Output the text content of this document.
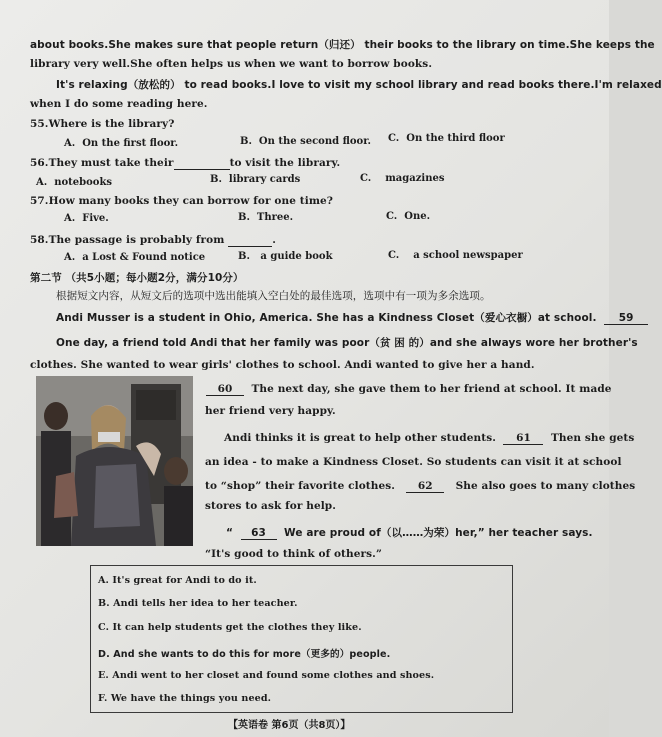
about books.She makes sure that people return（归还） their books to the library on time.She keeps the
library very well.She often helps us when we want to borrow books.
It's relaxing（放松的） to read books.I love to visit my school library and read books there.I'm relaxed
when I do some reading here.
55.Where is the library?
A. On the first floor.	B. On the second floor. C. On the third floor
56.They must take their	to visit the library.
A. notebooks	B. library cards	C. magazines
57.How many books they can borrow for one time?
A. Five.	B. Three.	C. One.
58.The passage is probably from	.
A. a Lost & Found notice	B. a guide book	C. a school newspaper
第二节 （共5小题；每小题2分，满分10分）
根据短文内容，从短文后的选项中选出能填入空白处的最佳选项，选项中有一项为多余选项。
Andi Musser is a student in Ohio, America. She has a Kindness Closet（爱心衣橱）at school. 59
One day, a friend told Andi that her family was poor（贫 困 的）and she always wore her brother's
clothes. She wanted to wear girls' clothes to school. Andi wanted to give her a hand.
60 The next day, she gave them to her friend at school. It made
her friend very happy.
Andi thinks it is great to help other students. 61 Then she gets
an idea - to make a Kindness Closet. So students can visit it at school
to “shop” their favorite clothes. 62 She also goes to many clothes
stores to ask for help.
“ 63 We are proud of（以……为荣）her,” her teacher says.
“It's good to think of others.”
A. It's great for Andi to do it.
B. Andi tells her idea to her teacher.
C. It can help students get the clothes they like.
D. And she wants to do this for more（更多的）people.
E. Andi went to her closet and found some clothes and shoes.
F. We have the things you need.
【英语卷 第6页（共8页）】
